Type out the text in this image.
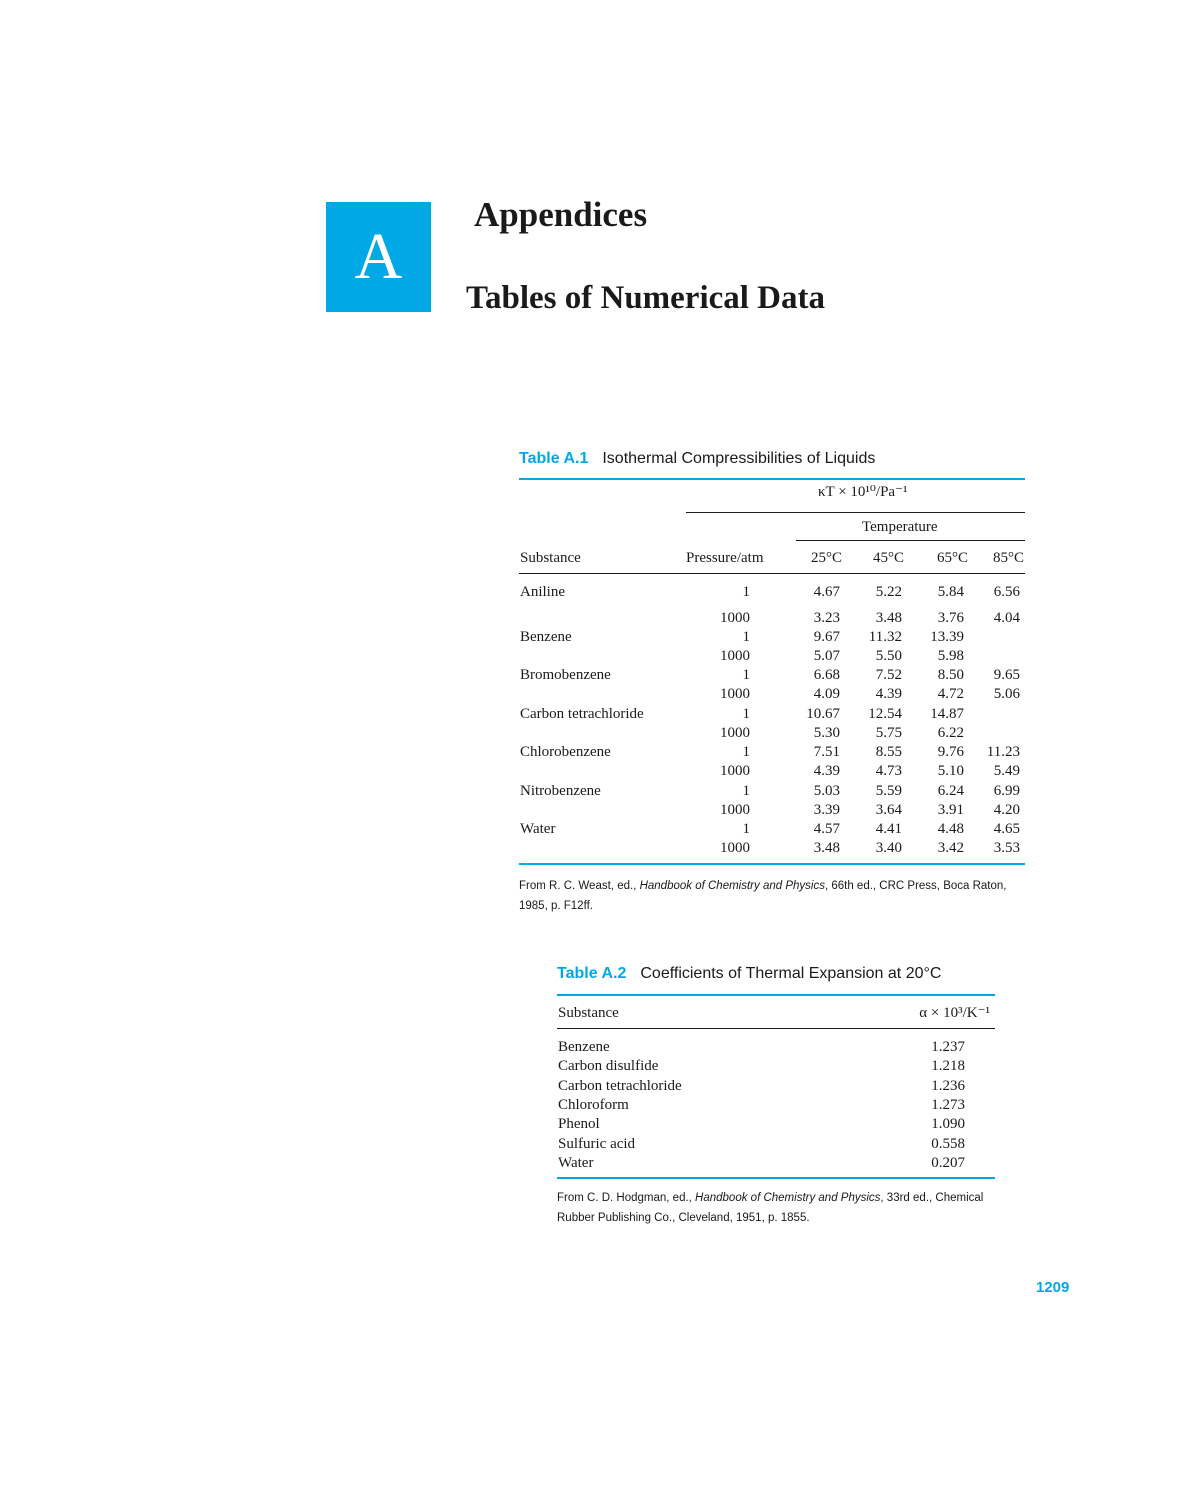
A
Appendices
Tables of Numerical Data
Table A.1 Isothermal Compressibilities of Liquids
κT × 10¹⁰/Pa⁻¹
Temperature
Substance	Pressure/atm	25°C	45°C	65°C	85°C
Aniline	1	4.67	5.22	5.84	6.56
1000	3.23	3.48	3.76	4.04
Benzene	1	9.67	11.32	13.39
1000	5.07	5.50	5.98
Bromobenzene	1	6.68	7.52	8.50	9.65
1000	4.09	4.39	4.72	5.06
Carbon tetrachloride	1	10.67	12.54	14.87
1000	5.30	5.75	6.22
Chlorobenzene	1	7.51	8.55	9.76	11.23
1000	4.39	4.73	5.10	5.49
Nitrobenzene	1	5.03	5.59	6.24	6.99
1000	3.39	3.64	3.91	4.20
Water	1	4.57	4.41	4.48	4.65
1000	3.48	3.40	3.42	3.53
From R. C. Weast, ed., Handbook of Chemistry and Physics, 66th ed., CRC Press, Boca Raton, 1985, p. F12ff.
Table A.2 Coefficients of Thermal Expansion at 20°C
Substance	α × 10³/K⁻¹
Benzene	1.237
Carbon disulfide	1.218
Carbon tetrachloride	1.236
Chloroform	1.273
Phenol	1.090
Sulfuric acid	0.558
Water	0.207
From C. D. Hodgman, ed., Handbook of Chemistry and Physics, 33rd ed., Chemical Rubber Publishing Co., Cleveland, 1951, p. 1855.
1209
